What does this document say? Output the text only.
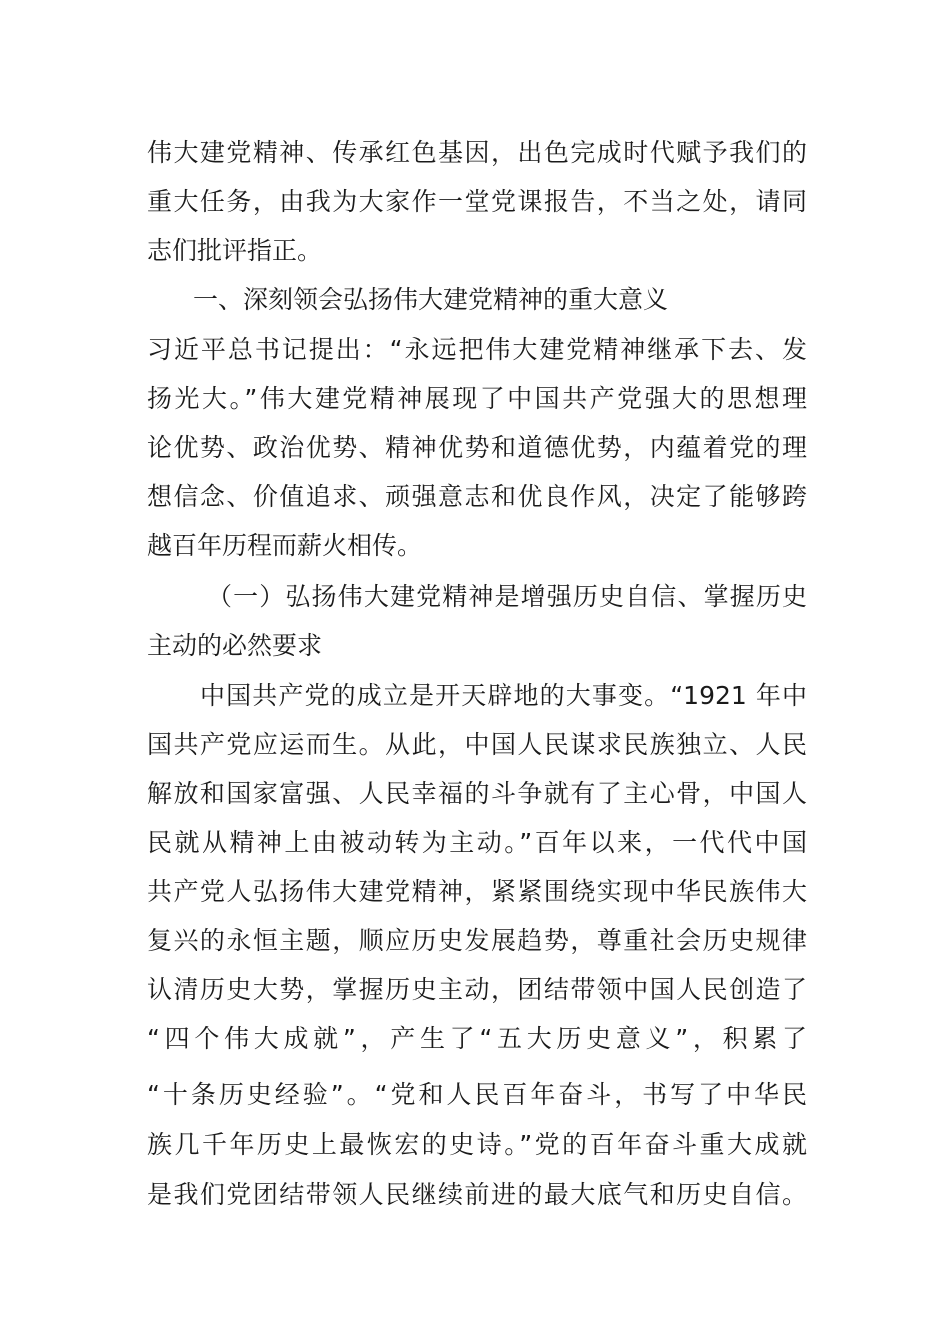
伟大建党精神、传承红色基因，出色完成时代赋予我们的
重大任务，由我为大家作一堂党课报告，不当之处，请同
志们批评指正。
一、深刻领会弘扬伟大建党精神的重大意义
习近平总书记提出：“永远把伟大建党精神继承下去、发
扬光大。”伟大建党精神展现了中国共产党强大的思想理
论优势、政治优势、精神优势和道德优势，内蕴着党的理
想信念、价值追求、顽强意志和优良作风，决定了能够跨
越百年历程而薪火相传。
（一）弘扬伟大建党精神是增强历史自信、掌握历史
主动的必然要求
中国共产党的成立是开天辟地的大事变。“1921 年中
国共产党应运而生。从此，中国人民谋求民族独立、人民
解放和国家富强、人民幸福的斗争就有了主心骨，中国人
民就从精神上由被动转为主动。”百年以来，一代代中国
共产党人弘扬伟大建党精神，紧紧围绕实现中华民族伟大
复兴的永恒主题，顺应历史发展趋势，尊重社会历史规律
认清历史大势，掌握历史主动，团结带领中国人民创造了
“四个伟大成就”，产生了“五大历史意义”，积累了
“十条历史经验”。“党和人民百年奋斗，书写了中华民
族几千年历史上最恢宏的史诗。”党的百年奋斗重大成就
是我们党团结带领人民继续前进的最大底气和历史自信。
